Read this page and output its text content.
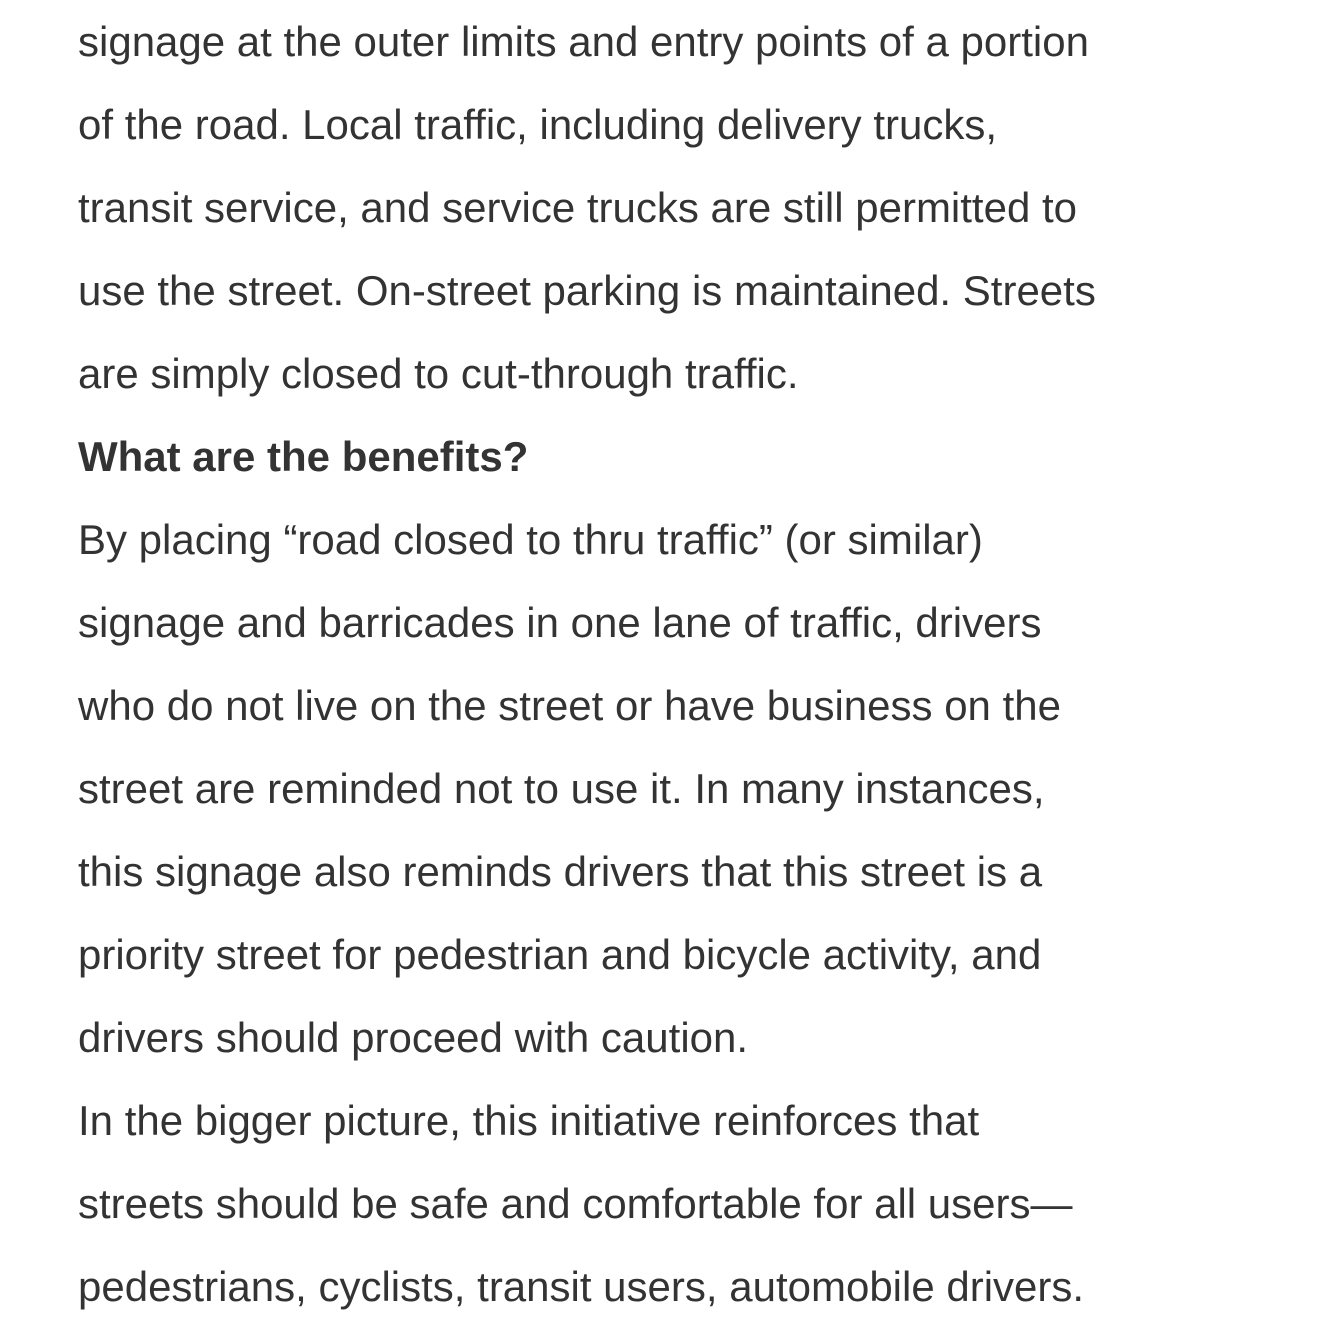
signage at the outer limits and entry points of a portion
of the road. Local traffic, including delivery trucks,
transit service, and service trucks are still permitted to
use the street. On-street parking is maintained. Streets
are simply closed to cut-through traffic.
What are the benefits?
By placing “road closed to thru traffic” (or similar)
signage and barricades in one lane of traffic, drivers
who do not live on the street or have business on the
street are reminded not to use it. In many instances,
this signage also reminds drivers that this street is a
priority street for pedestrian and bicycle activity, and
drivers should proceed with caution.
In the bigger picture, this initiative reinforces that
streets should be safe and comfortable for all users—
pedestrians, cyclists, transit users, automobile drivers.
